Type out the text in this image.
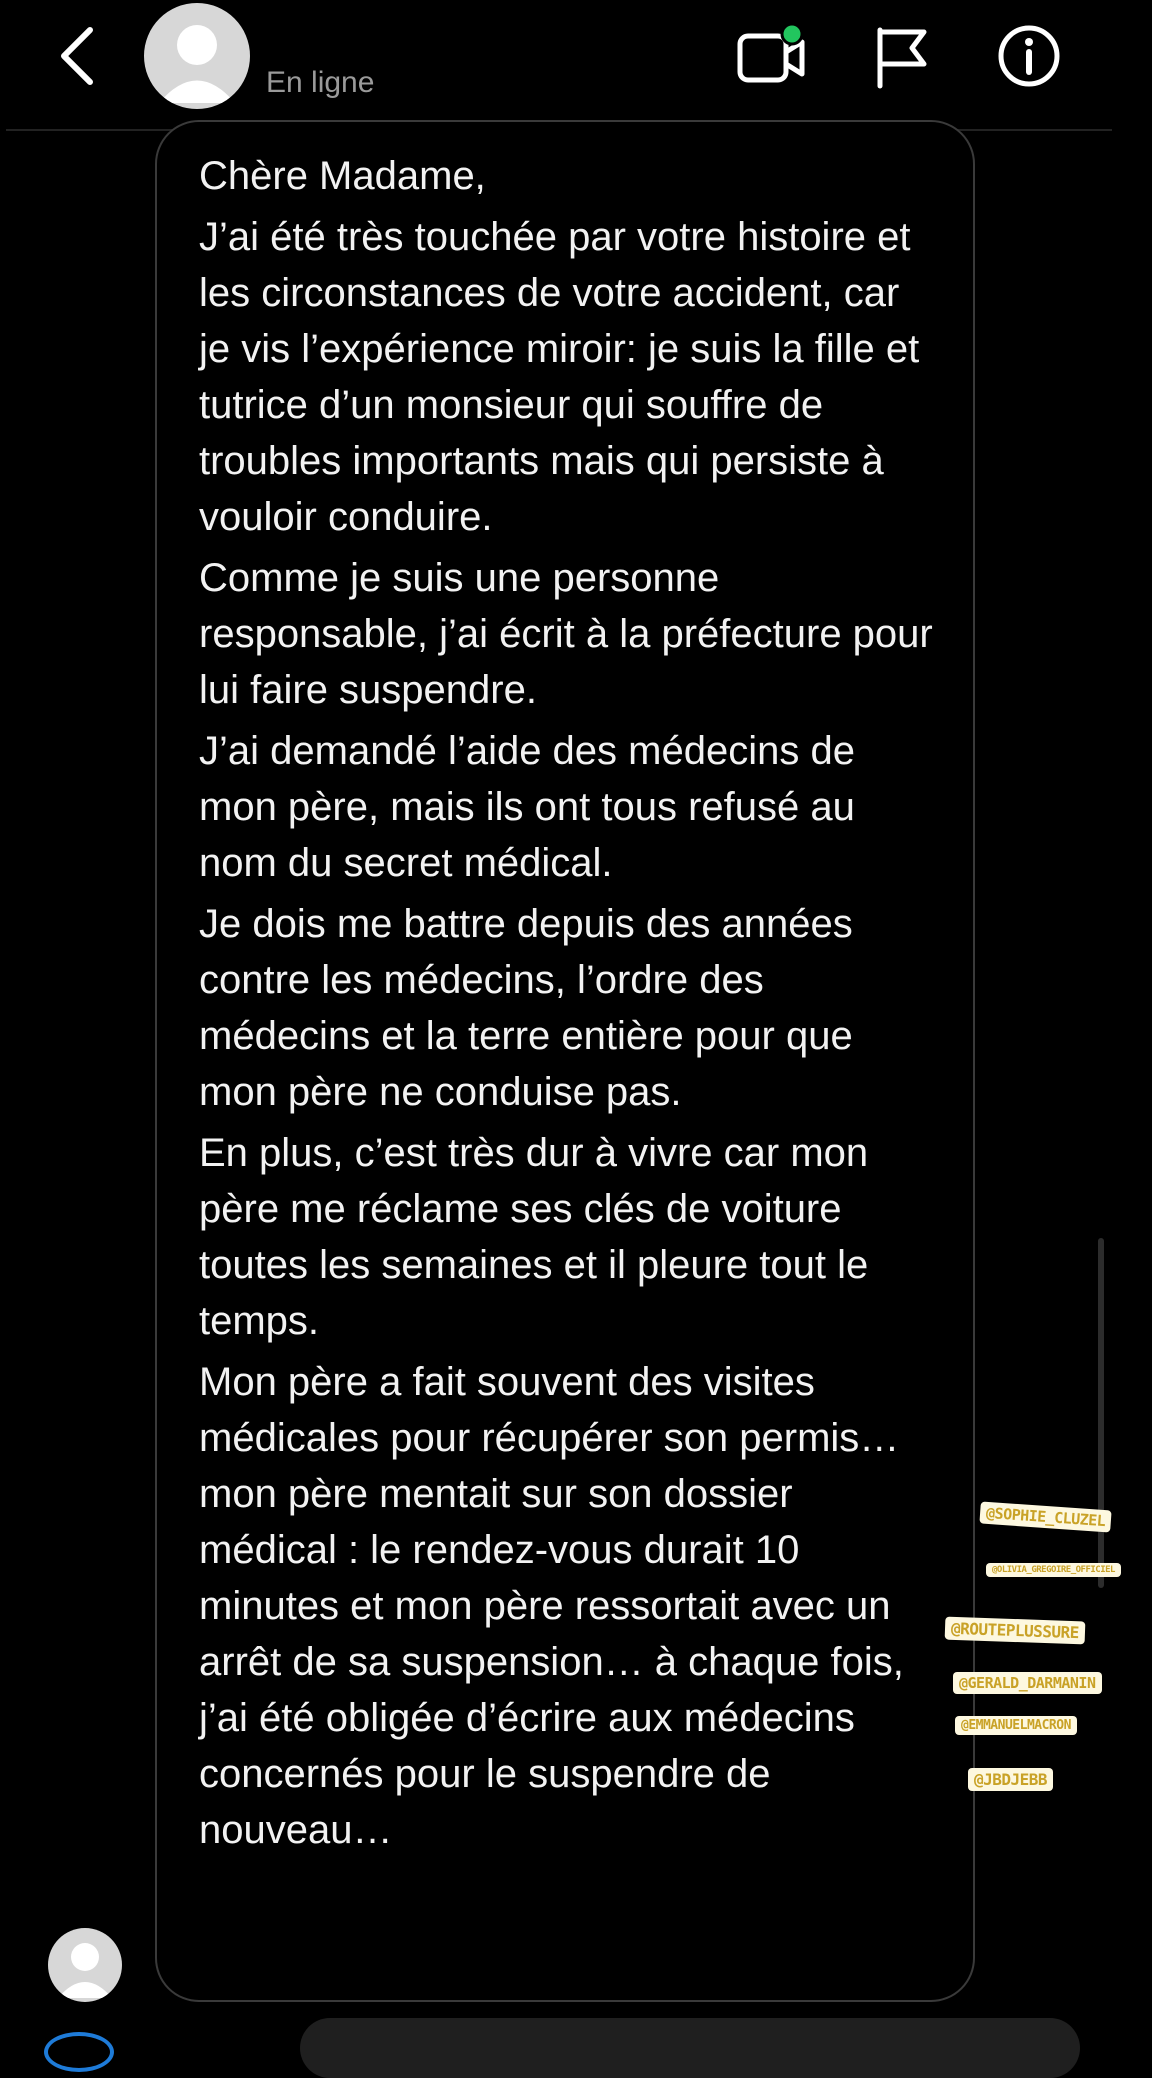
En ligne

Chère Madame,

J’ai été très touchée par votre histoire et les circonstances de votre accident, car je vis l’expérience miroir: je suis la fille et tutrice d’un monsieur qui souffre de troubles importants mais qui persiste à vouloir conduire.

Comme je suis une personne responsable, j’ai écrit à la préfecture pour lui faire suspendre.

J’ai demandé l’aide des médecins de mon père, mais ils ont tous refusé au nom du secret médical.

Je dois me battre depuis des années contre les médecins, l’ordre des médecins et la terre entière pour que mon père ne conduise pas.

En plus, c’est très dur à vivre car mon père me réclame ses clés de voiture toutes les semaines et il pleure tout le temps.

Mon père a fait souvent des visites médicales pour récupérer son permis… mon père mentait sur son dossier médical : le rendez-vous durait 10 minutes et mon père ressortait avec un arrêt de sa suspension… à chaque fois, j’ai été obligée d’écrire aux médecins concernés pour le suspendre de nouveau…

@SOPHIE_CLUZEL
@OLIVIA_GREGOIRE_OFFICIEL
@ROUTEPLUSSURE
@GERALD_DARMANIN
@EMMANUELMACRON
@JBDJEBB
